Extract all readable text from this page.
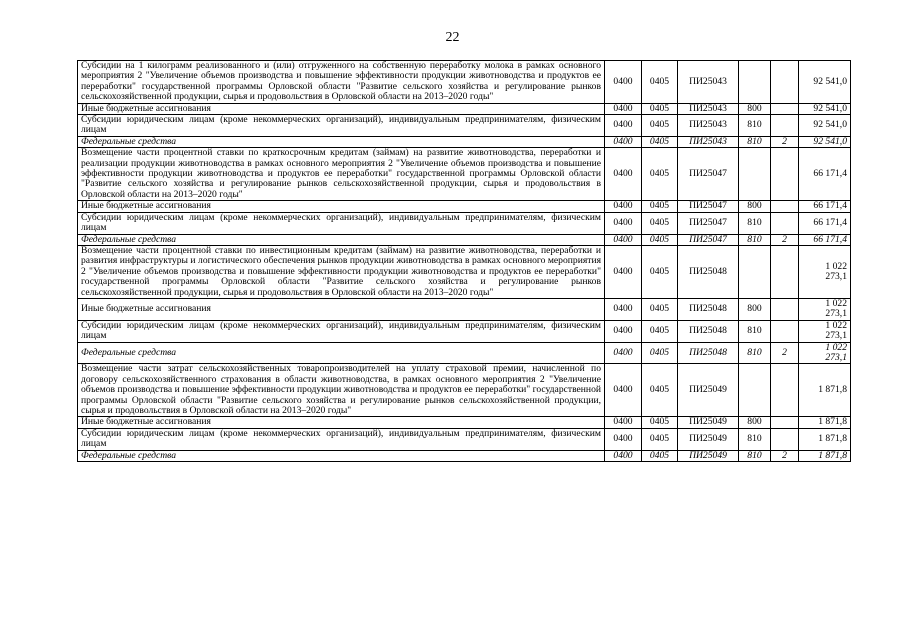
22
Субсидии на 1 килограмм реализованного и (или) отгруженного на собственную переработку молока в рамках основного мероприятия 2 "Увеличение объемов производства и повышение эффективности продукции животноводства и продуктов ее переработки" государственной программы Орловской области "Развитие сельского хозяйства и регулирование рынков сельскохозяйственной продукции, сырья и продовольствия в Орловской области на 2013–2020 годы"	0400	0405	ПИ25043			92 541,0
Иные бюджетные ассигнования	0400	0405	ПИ25043	800		92 541,0
Субсидии юридическим лицам (кроме некоммерческих организаций), индивидуальным предпринимателям, физическим лицам	0400	0405	ПИ25043	810		92 541,0
Федеральные средства	0400	0405	ПИ25043	810	2	92 541,0
Возмещение части процентной ставки по краткосрочным кредитам (займам) на развитие животноводства, переработки и реализации продукции животноводства в рамках основного мероприятия 2 "Увеличение объемов производства и повышение эффективности продукции животноводства и продуктов ее переработки" государственной программы Орловской области "Развитие сельского хозяйства и регулирование рынков сельскохозяйственной продукции, сырья и продовольствия в Орловской области на 2013–2020 годы"	0400	0405	ПИ25047			66 171,4
Иные бюджетные ассигнования	0400	0405	ПИ25047	800		66 171,4
Субсидии юридическим лицам (кроме некоммерческих организаций), индивидуальным предпринимателям, физическим лицам	0400	0405	ПИ25047	810		66 171,4
Федеральные средства	0400	0405	ПИ25047	810	2	66 171,4
Возмещение части процентной ставки по инвестиционным кредитам (займам) на развитие животноводства, переработки и развития инфраструктуры и логистического обеспечения рынков продукции животноводства в рамках основного мероприятия 2 "Увеличение объемов производства и повышение эффективности продукции животноводства и продуктов ее переработки" государственной программы Орловской области "Развитие сельского хозяйства и регулирование рынков сельскохозяйственной продукции, сырья и продовольствия в Орловской области на 2013–2020 годы"	0400	0405	ПИ25048			1 022 273,1
Иные бюджетные ассигнования	0400	0405	ПИ25048	800		1 022 273,1
Субсидии юридическим лицам (кроме некоммерческих организаций), индивидуальным предпринимателям, физическим лицам	0400	0405	ПИ25048	810		1 022 273,1
Федеральные средства	0400	0405	ПИ25048	810	2	1 022 273,1
Возмещение части затрат сельскохозяйственных товаропроизводителей на уплату страховой премии, начисленной по договору сельскохозяйственного страхования в области животноводства, в рамках основного мероприятия 2 "Увеличение объемов производства и повышение эффективности продукции животноводства и продуктов ее переработки" государственной программы Орловской области "Развитие сельского хозяйства и регулирование рынков сельскохозяйственной продукции, сырья и продовольствия в Орловской области на 2013–2020 годы"	0400	0405	ПИ25049			1 871,8
Иные бюджетные ассигнования	0400	0405	ПИ25049	800		1 871,8
Субсидии юридическим лицам (кроме некоммерческих организаций), индивидуальным предпринимателям, физическим лицам	0400	0405	ПИ25049	810		1 871,8
Федеральные средства	0400	0405	ПИ25049	810	2	1 871,8
